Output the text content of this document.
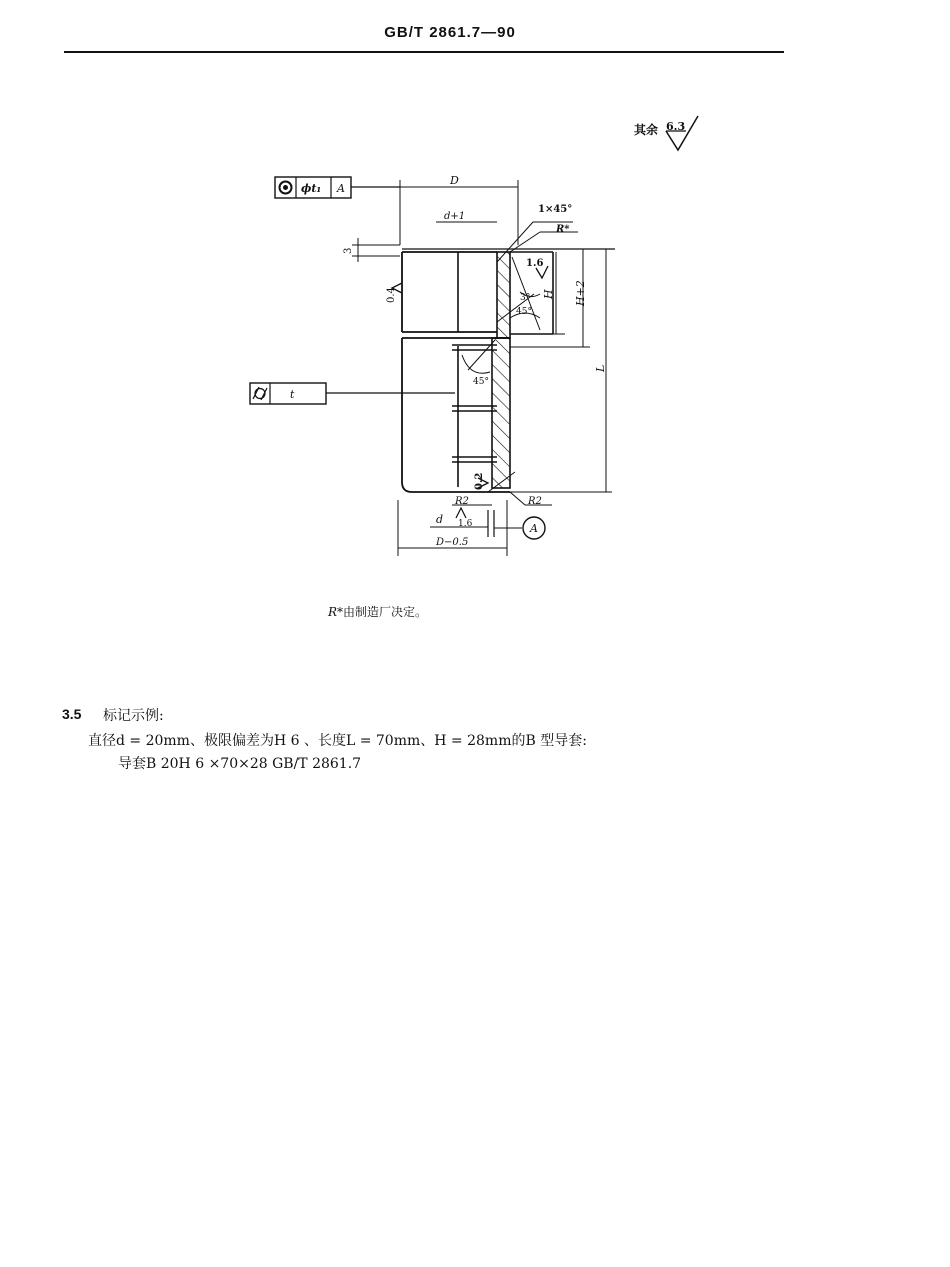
GB/T 2861.7—90
其余 6.3
ϕt₁ A
t
D
d+1
1×45°
R*
3
0.4
1.6
3°
45°
45°
H H+2
L
0.2
R2	R2
d 1.6	A
D−0.5
R*由制造厂决定。
3.5 标记示例:
直径d = 20mm、极限偏差为H 6 、长度L = 70mm、H = 28mm的B 型导套:
导套B 20H 6 ×70×28 GB/T 2861.7
